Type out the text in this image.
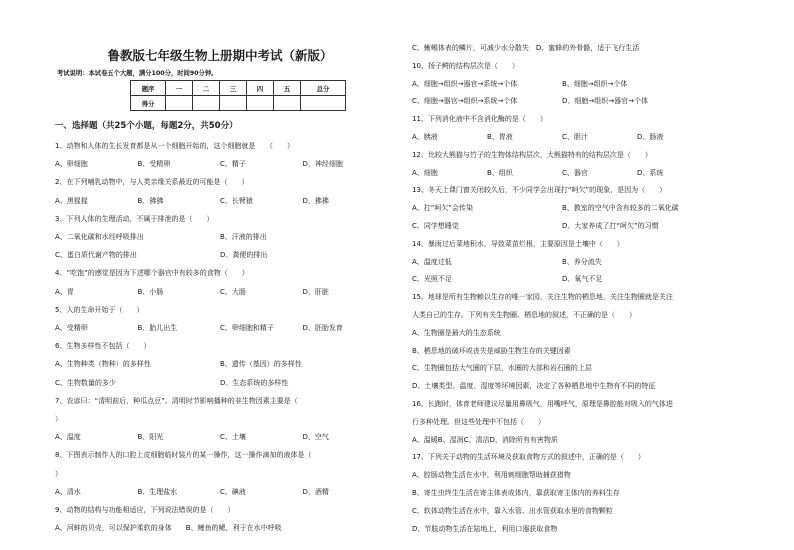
鲁教版七年级生物上册期中考试（新版）
考试说明：本试卷五个大题，满分100分，时间90分钟。
题序	一	二	三	四	五	总分
得分						
一、选择题（共25个小题，每题2分，共50分）
1、动物和人体的生长发育都是从一个细胞开始的，这个细胞就是　　（　　）
A、卵细胞	B、受精卵	C、精子	D、神经细胞
2、在下列哺乳动物中，与人类亲缘关系最近的可能是（　　）
A、黑猩猩	B、狒狒	C、长臂猿	D、狒狒
3、下列人体的生理活动，不属于排泄的是（　　）
A、二氧化碳和水经呼吸排出	B、汗液的排出
C、蛋白质代谢产物的排出	D、粪便的排出
4、“吃饱”的感觉是因为下述哪个器官中有较多的食物（　　）
A、胃	B、小肠	C、大肠	D、肝脏
5、人的生命开始于（　　）
A、受精卵	B、胎儿出生	C、卵细胞和精子	D、胚胎发育
6、生物多样性不包括（　　）
A、生物种类（物种）的多样性	B、遗传（基因）的多样性
C、生物数量的多少	D、生态系统的多样性
7、农谚曰：“清明前后，种瓜点豆”。清明时节影响播种的非生物因素主要是（
）
A、温度	B、阳光	C、土壤	D、空气
8、下图表示制作人的口腔上皮细胞临时装片的某一操作，这一操作滴加的液体是（
）
A、清水	B、生理盐水	C、碘液	D、酒精
9、动物的结构与功能相适应，下列说法错误的是（　　）
A、河蚌的贝壳，可以保护柔软的身体　　B、鲤鱼的鳃，利于在水中呼吸
C、蜥蜴体表的鳞片，可减少水分散失　D、蜜蜂的外骨骼，适于飞行生活
10、扬子鳄的结构层次是（　　）
A、细胞→组织→器官→系统→个体	B、细胞→组织→个体
C、细胞→器官→组织→系统→个体	D、细胞→组织→器官→个体
11、下列消化液中不含消化酶的是（　　）
A、胰液	B、胃液	C、胆汁	D、肠液
12、比较大熊猫与竹子的生物体结构层次，大熊猫特有的结构层次是（　　）
A、细胞	B、组织	C、器官	D、系统
13、冬天上课门窗关闭较久后，不少同学会出现打“呵欠”的现象，是因为（　　）
A、打“呵欠”会传染	B、教室的空气中含有较多的二氧化碳
C、同学想睡觉	D、大家养成了打“呵欠”的习惯
14、暴雨过后菜地积水，导致菜苗烂根，主要原因是土壤中（　　）
A、温度过低	B、养分流失
C、光照不足	D、氧气不足
15、地球是所有生物赖以生存的唯一家园，关注生物的栖息地，关注生物圈就是关注
人类自己的生存。下列有关生物圈、栖息地的叙述，不正确的是（　　）
A、生物圈是最大的生态系统
B、栖息地的破坏或丧失是威胁生物生存的关键因素
C、生物圈包括大气圈的下层、水圈的大部和岩石圈的上层
D、土壤类型、温度、湿度等环境因素，决定了各种栖息地中生物有不同的特征
16、长跑时，体育老师建议尽量用鼻吸气，用嘴呼气，原理是鼻腔能对吸入的气体进
行多种处理。但这些处理中不包括（　　）
A、温暖B、湿润C、清洁D、消除所有有害物质
17、下列关于动物的生活环境及获取食物方式的叙述中，正确的是（　　）
A、腔肠动物生活在水中，利用刺细胞帮助捕获猎物
B、寄生虫终生生活在寄主体表或体内，靠获取寄主体内的养料生存
C、软体动物生活在水中，靠入水管、出水管获取水里的食物颗粒
D、节肢动物生活在陆地上，利用口器获取食物
